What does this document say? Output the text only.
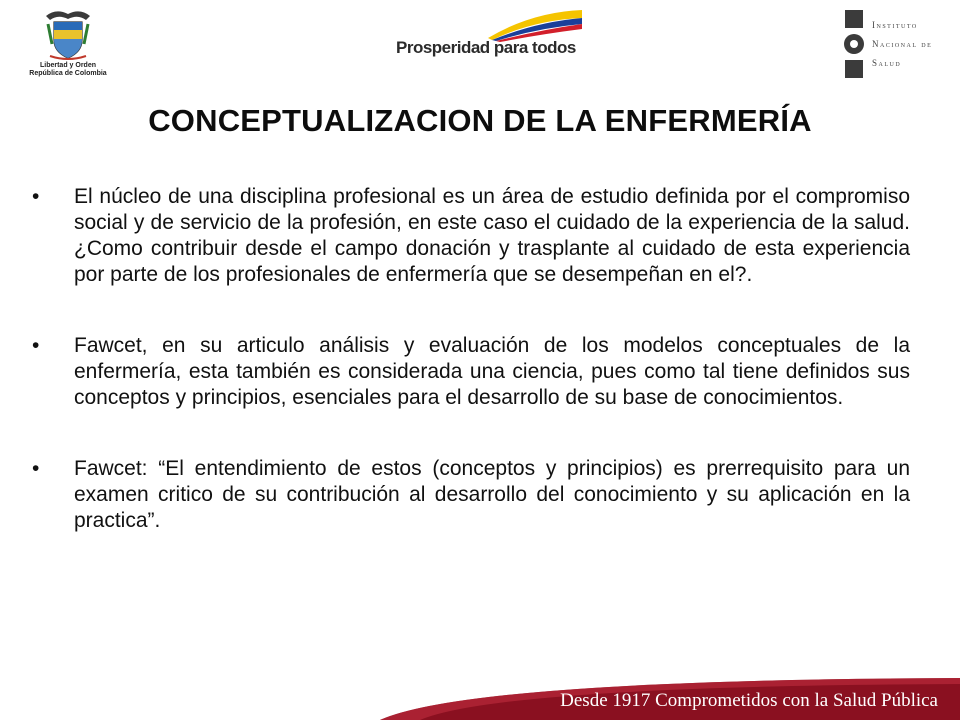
Libertad y Orden
República de Colombia
Prosperidad para todos
Instituto
Nacional de
Salud
CONCEPTUALIZACION DE LA ENFERMERÍA
• El núcleo de una disciplina profesional es un área de estudio definida por el compromiso social y de servicio de la profesión, en este caso el cuidado de la experiencia de la salud. ¿Como contribuir desde el campo donación y trasplante al cuidado de esta experiencia por parte de los profesionales de enfermería que se desempeñan en el?.
• Fawcet, en su articulo análisis y evaluación de los modelos conceptuales de la enfermería, esta también es considerada una ciencia, pues como tal tiene definidos sus conceptos y principios, esenciales para el desarrollo de su base de conocimientos.
• Fawcet: “El entendimiento de estos (conceptos y principios) es prerrequisito para un examen critico de su contribución al desarrollo del conocimiento y su aplicación en la practica”.
Desde 1917 Comprometidos con la Salud Pública
